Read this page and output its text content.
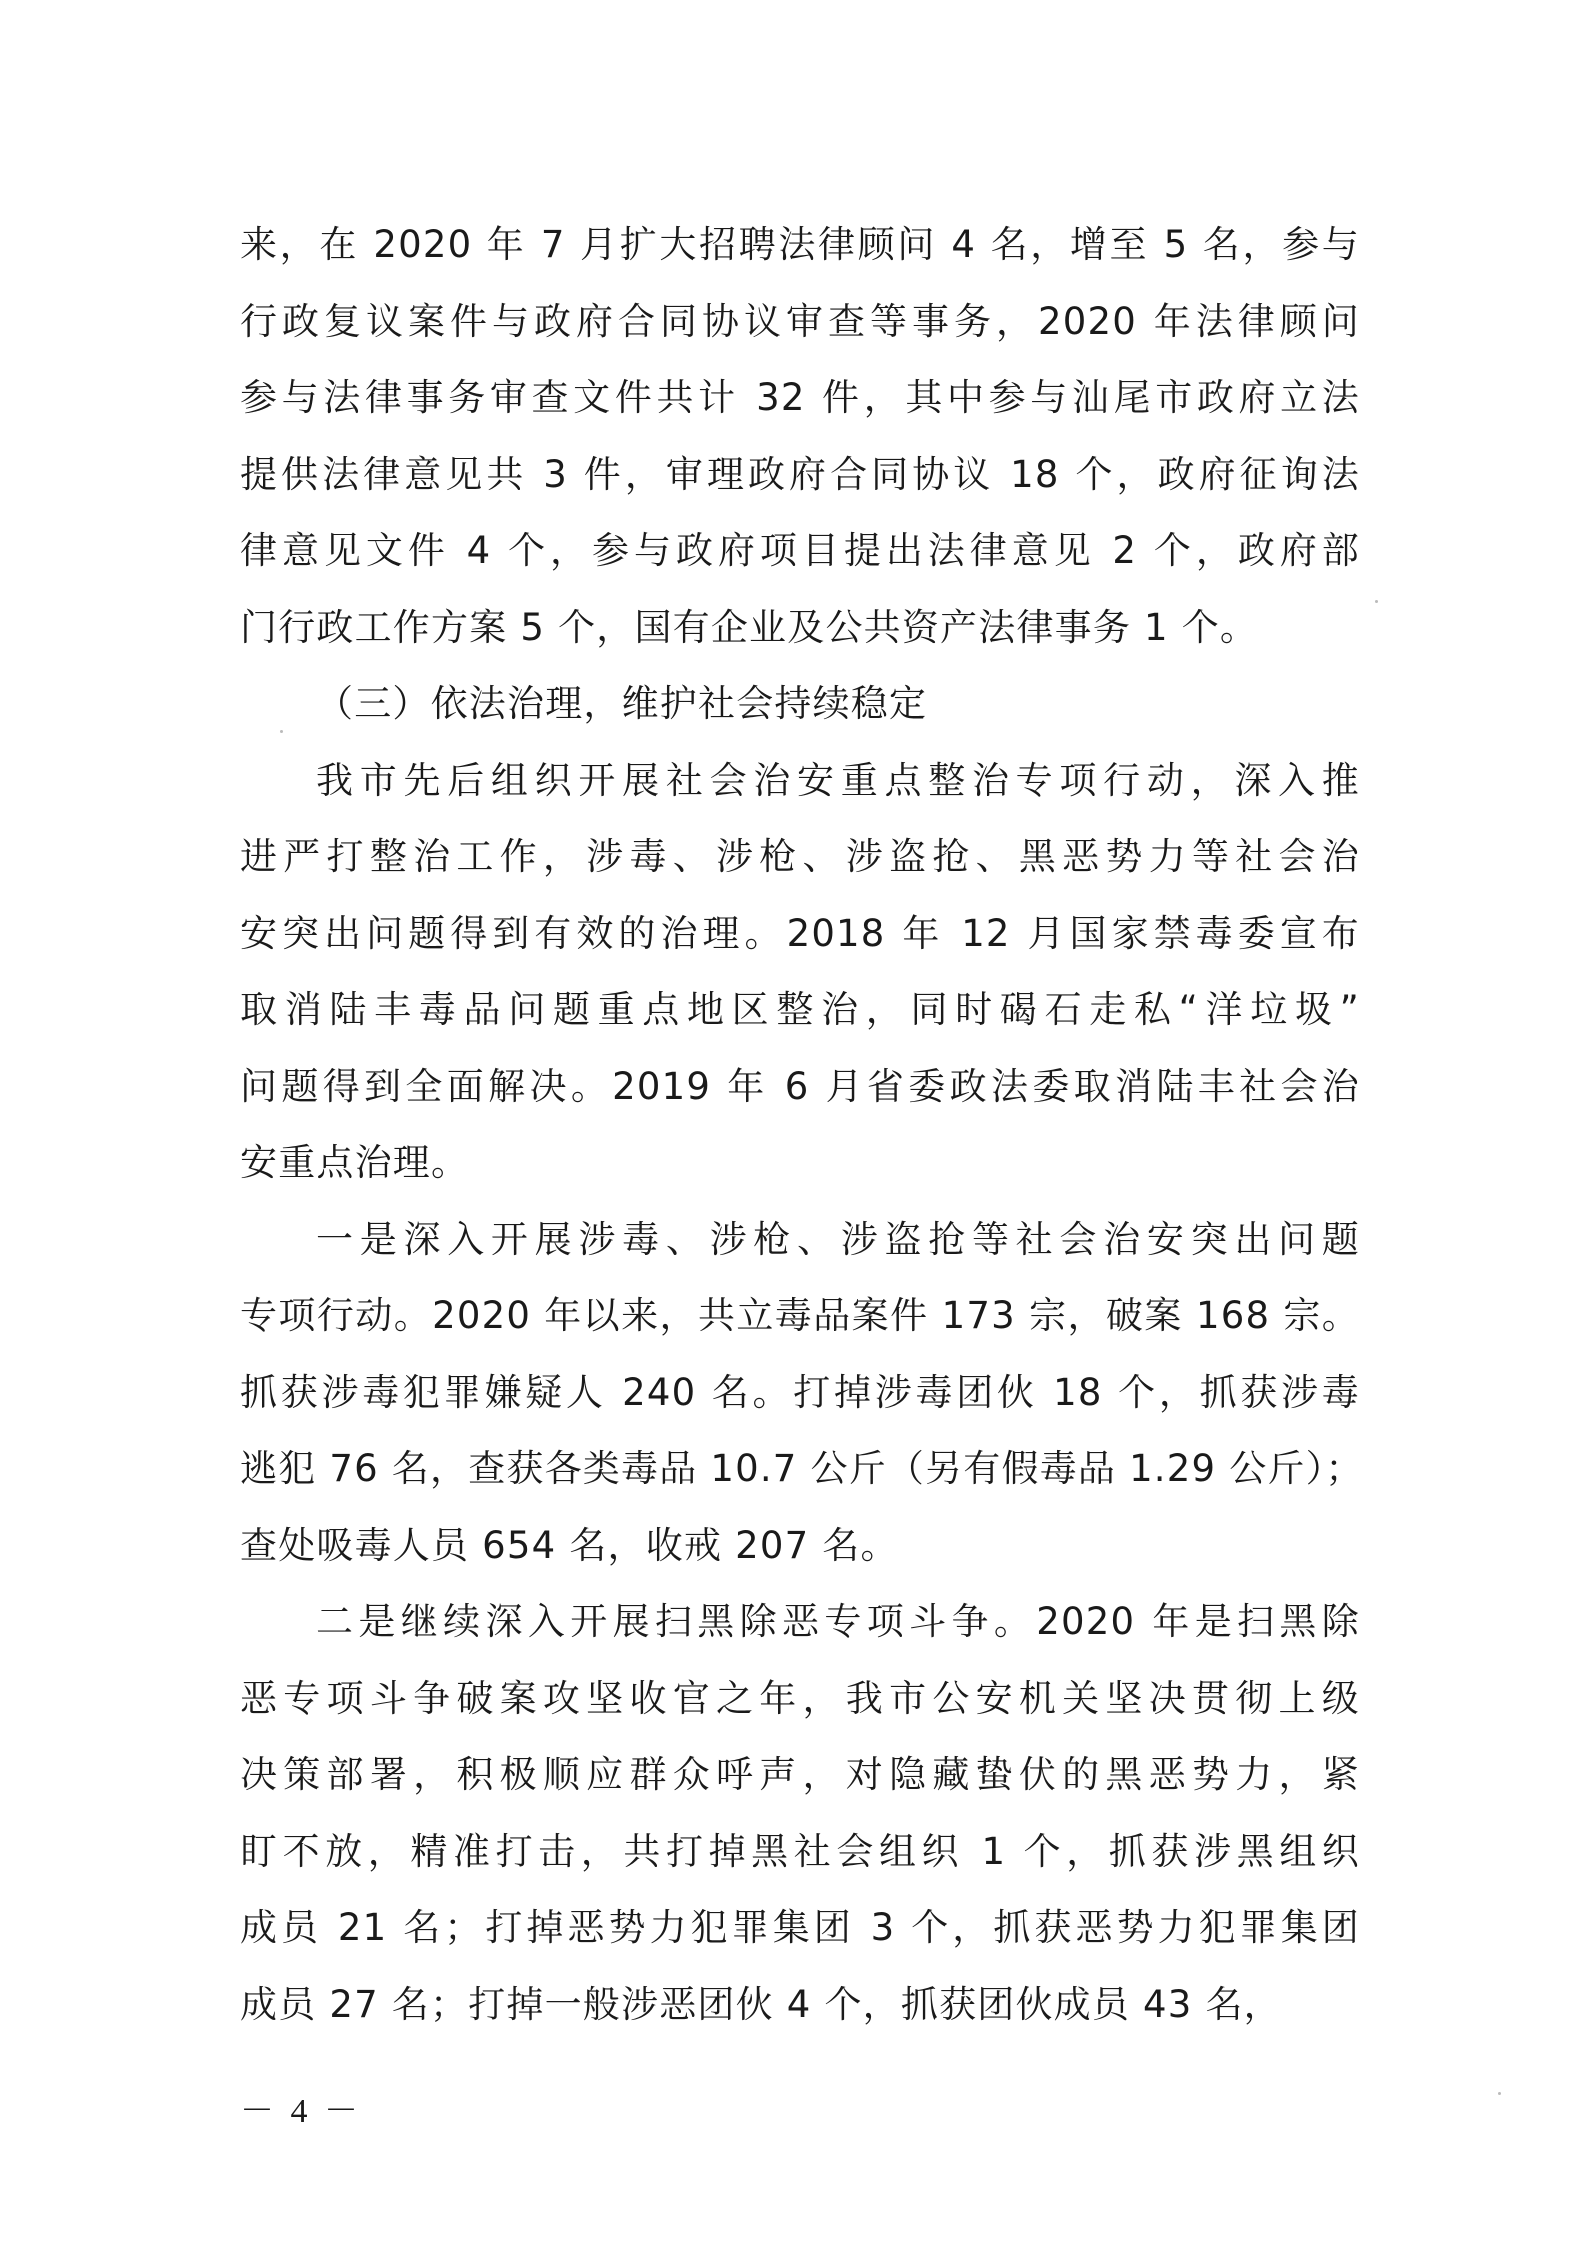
来，在 2020 年 7 月扩大招聘法律顾问 4 名，增至 5 名，参与
行政复议案件与政府合同协议审查等事务，2020 年法律顾问
参与法律事务审查文件共计 32 件，其中参与汕尾市政府立法
提供法律意见共 3 件，审理政府合同协议 18 个，政府征询法
律意见文件 4 个，参与政府项目提出法律意见 2 个，政府部
门行政工作方案 5 个，国有企业及公共资产法律事务 1 个。
（三）依法治理，维护社会持续稳定
我市先后组织开展社会治安重点整治专项行动，深入推
进严打整治工作，涉毒、涉枪、涉盗抢、黑恶势力等社会治
安突出问题得到有效的治理。2018 年 12 月国家禁毒委宣布
取消陆丰毒品问题重点地区整治，同时碣石走私“洋垃圾”
问题得到全面解决。2019 年 6 月省委政法委取消陆丰社会治
安重点治理。
一是深入开展涉毒、涉枪、涉盗抢等社会治安突出问题
专项行动。2020 年以来，共立毒品案件 173 宗，破案 168 宗。
抓获涉毒犯罪嫌疑人 240 名。打掉涉毒团伙 18 个，抓获涉毒
逃犯 76 名，查获各类毒品 10.7 公斤（另有假毒品 1.29 公斤）；
查处吸毒人员 654 名，收戒 207 名。
二是继续深入开展扫黑除恶专项斗争。2020 年是扫黑除
恶专项斗争破案攻坚收官之年，我市公安机关坚决贯彻上级
决策部署，积极顺应群众呼声，对隐藏蛰伏的黑恶势力，紧
盯不放，精准打击，共打掉黑社会组织 1 个，抓获涉黑组织
成员 21 名；打掉恶势力犯罪集团 3 个，抓获恶势力犯罪集团
成员 27 名；打掉一般涉恶团伙 4 个，抓获团伙成员 43 名，
－ 4 －
